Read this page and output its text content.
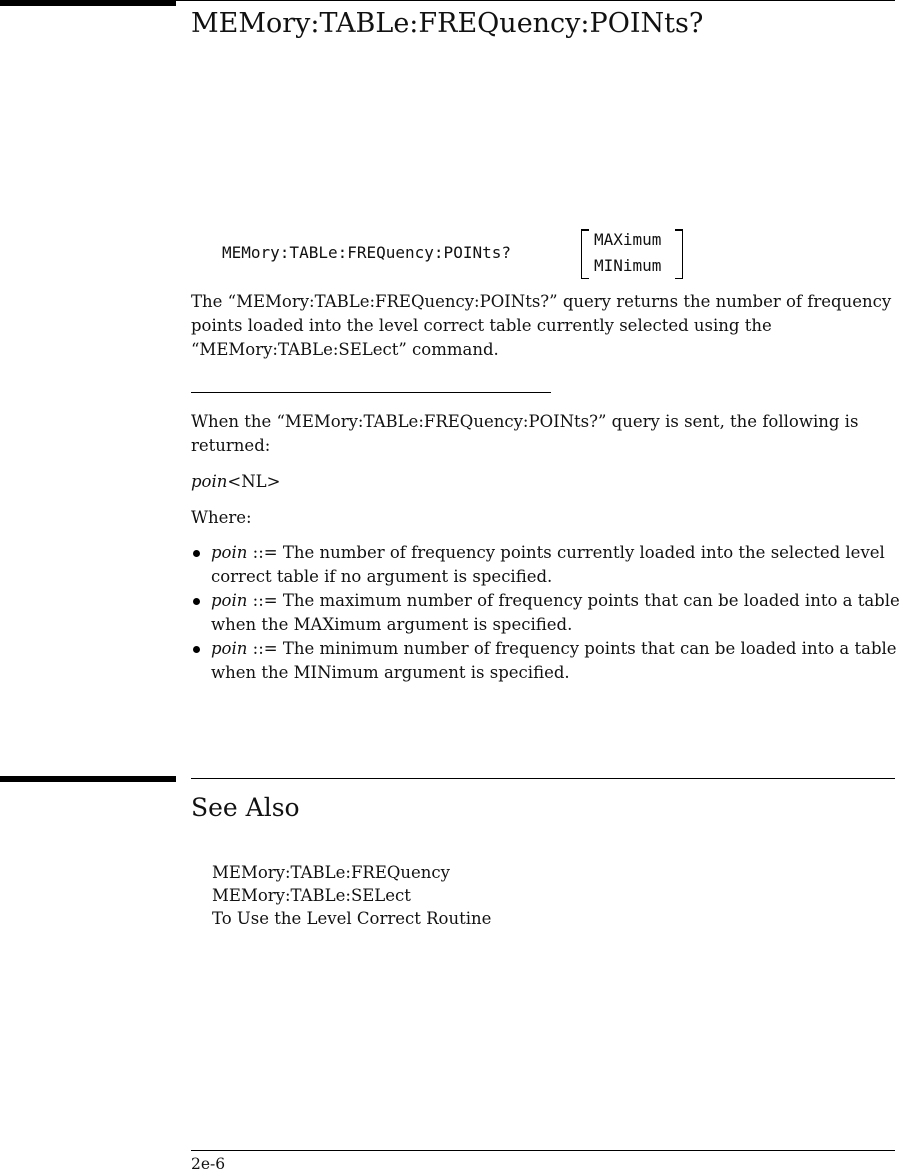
MEMory:TABLe:FREQuency:POINts?
MEMory:TABLe:FREQuency:POINts?
MAXimum
MINimum

The “MEMory:TABLe:FREQuency:POINts?” query returns the number of frequency points loaded into the level correct table currently selected using the “MEMory:TABLe:SELect” command.

When the “MEMory:TABLe:FREQuency:POINts?” query is sent, the following is returned:

poin<NL>

Where:

poin ::= The number of frequency points currently loaded into the selected level correct table if no argument is specified.
poin ::= The maximum number of frequency points that can be loaded into a table when the MAXimum argument is specified.
poin ::= The minimum number of frequency points that can be loaded into a table when the MINimum argument is specified.
See Also
MEMory:TABLe:FREQuency
MEMory:TABLe:SELect
To Use the Level Correct Routine
2e-6
